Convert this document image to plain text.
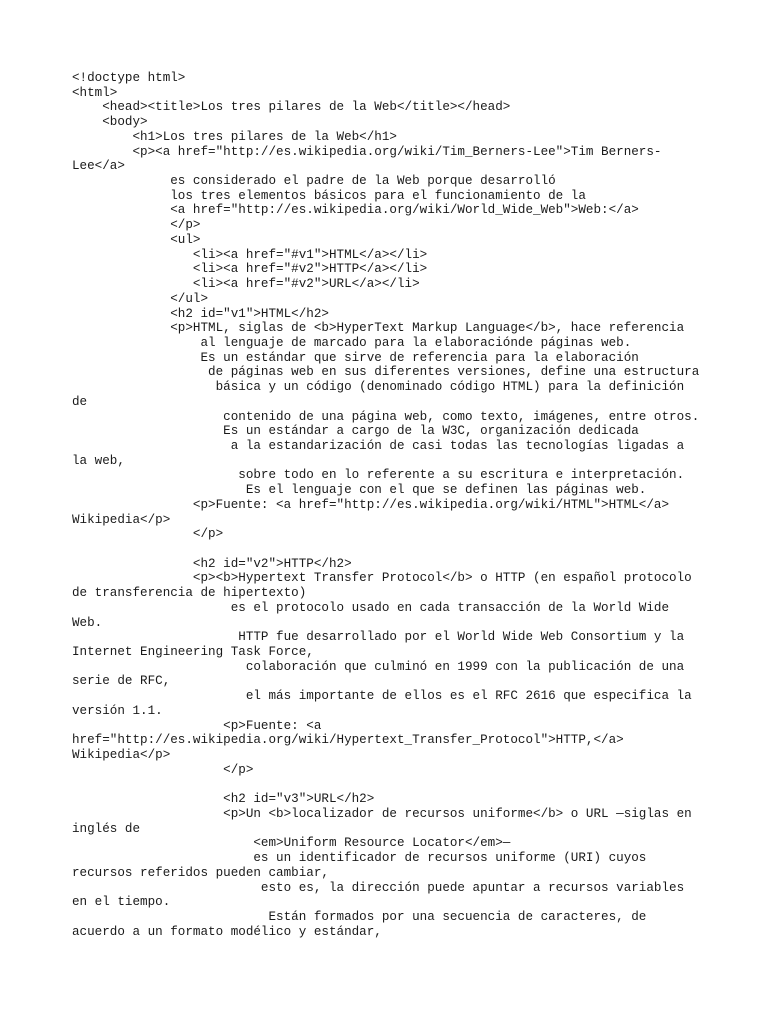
<!doctype html>
<html>
<head><title>Los tres pilares de la Web</title></head>
<body>
<h1>Los tres pilares de la Web</h1>
<p><a href="http://es.wikipedia.org/wiki/Tim_Berners-Lee">Tim Berners-
Lee</a>
es considerado el padre de la Web porque desarrolló
los tres elementos básicos para el funcionamiento de la
<a href="http://es.wikipedia.org/wiki/World_Wide_Web">Web:</a>
</p>
<ul>
<li><a href="#v1">HTML</a></li>
<li><a href="#v2">HTTP</a></li>
<li><a href="#v2">URL</a></li>
</ul>
<h2 id="v1">HTML</h2>
<p>HTML, siglas de <b>HyperText Markup Language</b>, hace referencia
al lenguaje de marcado para la elaboraciónde páginas web.
Es un estándar que sirve de referencia para la elaboración
de páginas web en sus diferentes versiones, define una estructura
básica y un código (denominado código HTML) para la definición
de
contenido de una página web, como texto, imágenes, entre otros.
Es un estándar a cargo de la W3C, organización dedicada
a la estandarización de casi todas las tecnologías ligadas a
la web,
sobre todo en lo referente a su escritura e interpretación.
Es el lenguaje con el que se definen las páginas web.
<p>Fuente: <a href="http://es.wikipedia.org/wiki/HTML">HTML</a>
Wikipedia</p>
</p>
<h2 id="v2">HTTP</h2>
<p><b>Hypertext Transfer Protocol</b> o HTTP (en español protocolo
de transferencia de hipertexto)
es el protocolo usado en cada transacción de la World Wide
Web.
HTTP fue desarrollado por el World Wide Web Consortium y la
Internet Engineering Task Force,
colaboración que culminó en 1999 con la publicación de una
serie de RFC,
el más importante de ellos es el RFC 2616 que especifica la
versión 1.1.
<p>Fuente: <a
href="http://es.wikipedia.org/wiki/Hypertext_Transfer_Protocol">HTTP,</a>
Wikipedia</p>
</p>
<h2 id="v3">URL</h2>
<p>Un <b>localizador de recursos uniforme</b> o URL —siglas en
inglés de
<em>Uniform Resource Locator</em>—
es un identificador de recursos uniforme (URI) cuyos
recursos referidos pueden cambiar,
esto es, la dirección puede apuntar a recursos variables
en el tiempo.
Están formados por una secuencia de caracteres, de
acuerdo a un formato modélico y estándar,
